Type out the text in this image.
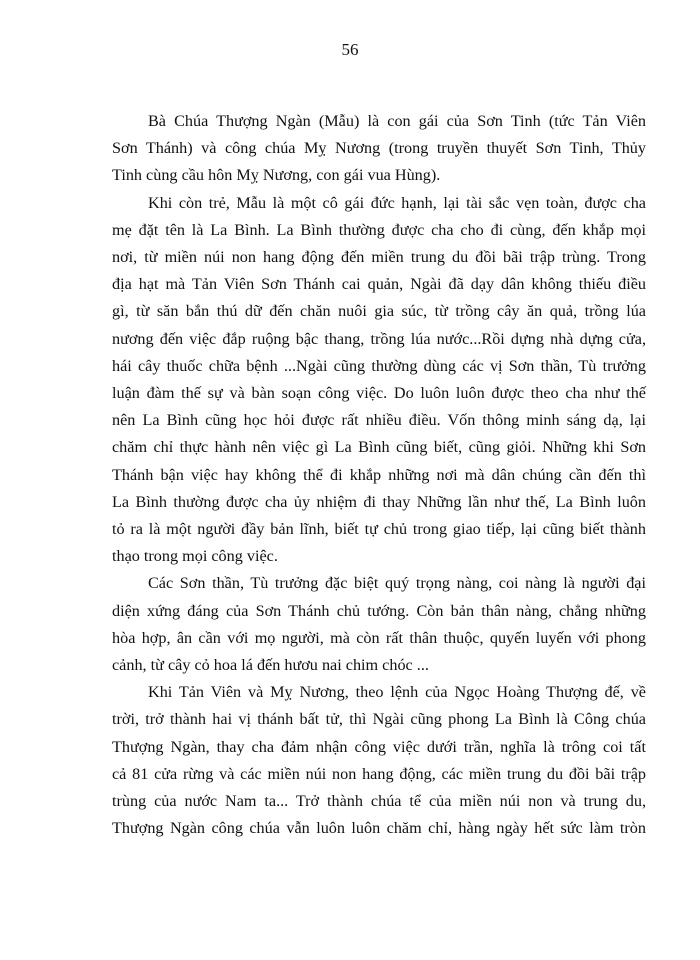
56
Bà Chúa Thượng Ngàn (Mẫu) là con gái của Sơn Tinh (tức Tản Viên
Sơn Thánh) và công chúa Mỵ Nương (trong truyền thuyết Sơn Tinh, Thủy
Tinh cùng cầu hôn Mỵ Nương, con gái vua Hùng).
Khi còn trẻ, Mẫu là một cô gái đức hạnh, lại tài sắc vẹn toàn, được cha
mẹ đặt tên là La Bình. La Bình thường được cha cho đi cùng, đến khắp mọi
nơi, từ miền núi non hang động đến miền trung du đồi bãi trập trùng. Trong
địa hạt mà Tản Viên Sơn Thánh cai quản, Ngài đã dạy dân không thiếu điều
gì, từ săn bắn thú dữ đến chăn nuôi gia súc, từ trồng cây ăn quả, trồng lúa
nương đến việc đắp ruộng bậc thang, trồng lúa nước...Rồi dựng nhà dựng cửa,
hái cây thuốc chữa bệnh ...Ngài cũng thường dùng các vị Sơn thần, Tù trưởng
luận đàm thế sự và bàn soạn công việc. Do luôn luôn được theo cha như thế
nên La Bình cũng học hỏi được rất nhiều điều. Vốn thông minh sáng dạ, lại
chăm chỉ thực hành nên việc gì La Bình cũng biết, cũng giỏi. Những khi Sơn
Thánh bận việc hay không thể đi khắp những nơi mà dân chúng cần đến thì
La Bình thường được cha ủy nhiệm đi thay Những lần như thế, La Bình luôn
tỏ ra là một người đầy bản lĩnh, biết tự chủ trong giao tiếp, lại cũng biết thành
thạo trong mọi công việc.
Các Sơn thần, Tù trưởng đặc biệt quý trọng nàng, coi nàng là người đại
diện xứng đáng của Sơn Thánh chủ tướng. Còn bản thân nàng, chẳng những
hòa hợp, ân cần với mọ người, mà còn rất thân thuộc, quyến luyến với phong
cảnh, từ cây cỏ hoa lá đến hươu nai chim chóc ...
Khi Tản Viên và Mỵ Nương, theo lệnh của Ngọc Hoàng Thượng đế, về
trời, trở thành hai vị thánh bất tử, thì Ngài cũng phong La Bình là Công chúa
Thượng Ngàn, thay cha đảm nhận công việc dưới trần, nghĩa là trông coi tất
cả 81 cửa rừng và các miền núi non hang động, các miền trung du đồi bãi trập
trùng của nước Nam ta... Trở thành chúa tể của miền núi non và trung du,
Thượng Ngàn công chúa vẫn luôn luôn chăm chỉ, hàng ngày hết sức làm tròn
